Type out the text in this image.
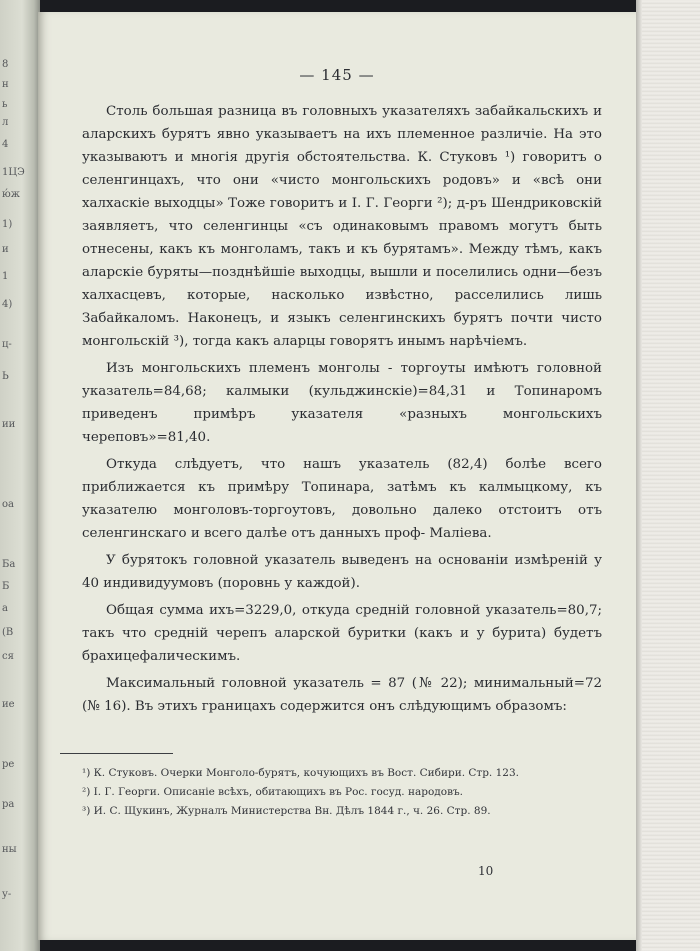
8
н
ь
л
4
1ЦЭ
ю́ж
1)
и
1
4)
ц-
Ь
ии
оа
Ба
Б
а
(В
ся
ие
ре
ра
ны
у-
— 145 —

Столь большая разница въ головныхъ указателяхъ забайкальскихъ и аларскихъ бурятъ явно указываетъ на ихъ племенное различіе. На это указываютъ и многія другія обстоятельства. К. Стуковъ ¹) говоритъ о селенгинцахъ, что они «чисто монгольскихъ родовъ» и «всѣ они халхаскіе выходцы» Тоже говоритъ и І. Г. Георги ²); д-ръ Шендриковскій заявляетъ, что селенгинцы «съ одинаковымъ правомъ могутъ быть отнесены, какъ къ монголамъ, такъ и къ бурятамъ». Между тѣмъ, какъ аларскіе буряты—позднѣйшіе выходцы, вышли и поселились одни—безъ халхасцевъ, которые, насколько извѣстно, расселились лишь Забайкаломъ. Наконецъ, и языкъ селенгинскихъ бурятъ почти чисто монгольскій ³), тогда какъ аларцы говорятъ инымъ нарѣчіемъ.

Изъ монгольскихъ племенъ монголы - торгоуты имѣютъ головной указатель=84,68; калмыки (кульджинскіе)=84,31 и Топинаромъ приведенъ примѣръ указателя «разныхъ монгольскихъ череповъ»=81,40.

Откуда слѣдуетъ, что нашъ указатель (82,4) болѣе всего приближается къ примѣру Топинара, затѣмъ къ калмыцкому, къ указателю монголовъ-торгоутовъ, довольно далеко отстоитъ отъ селенгинскаго и всего далѣе отъ данныхъ проф- Маліева.

У бурятокъ головной указатель выведенъ на основаніи измѣреній у 40 индивидуумовъ (поровнь у каждой).

Общая сумма ихъ=3229,0, откуда средній головной указатель=80,7; такъ что средній черепъ аларской буритки (какъ и у бурита) будетъ брахицефалическимъ.

Максимальный головной указатель = 87 (№ 22); минимальный=72 (№ 16). Въ этихъ границахъ содержится онъ слѣдующимъ образомъ:

¹) К. Стуковъ. Очерки Монголо-бурятъ, кочующихъ въ Вост. Сибири. Стр. 123.

²) І. Г. Георги. Описаніе всѣхъ, обитающихъ въ Рос. госуд. народовъ.

³) И. С. Щукинъ, Журналъ Министерства Вн. Дѣлъ 1844 г., ч. 26. Стр. 89.

10
